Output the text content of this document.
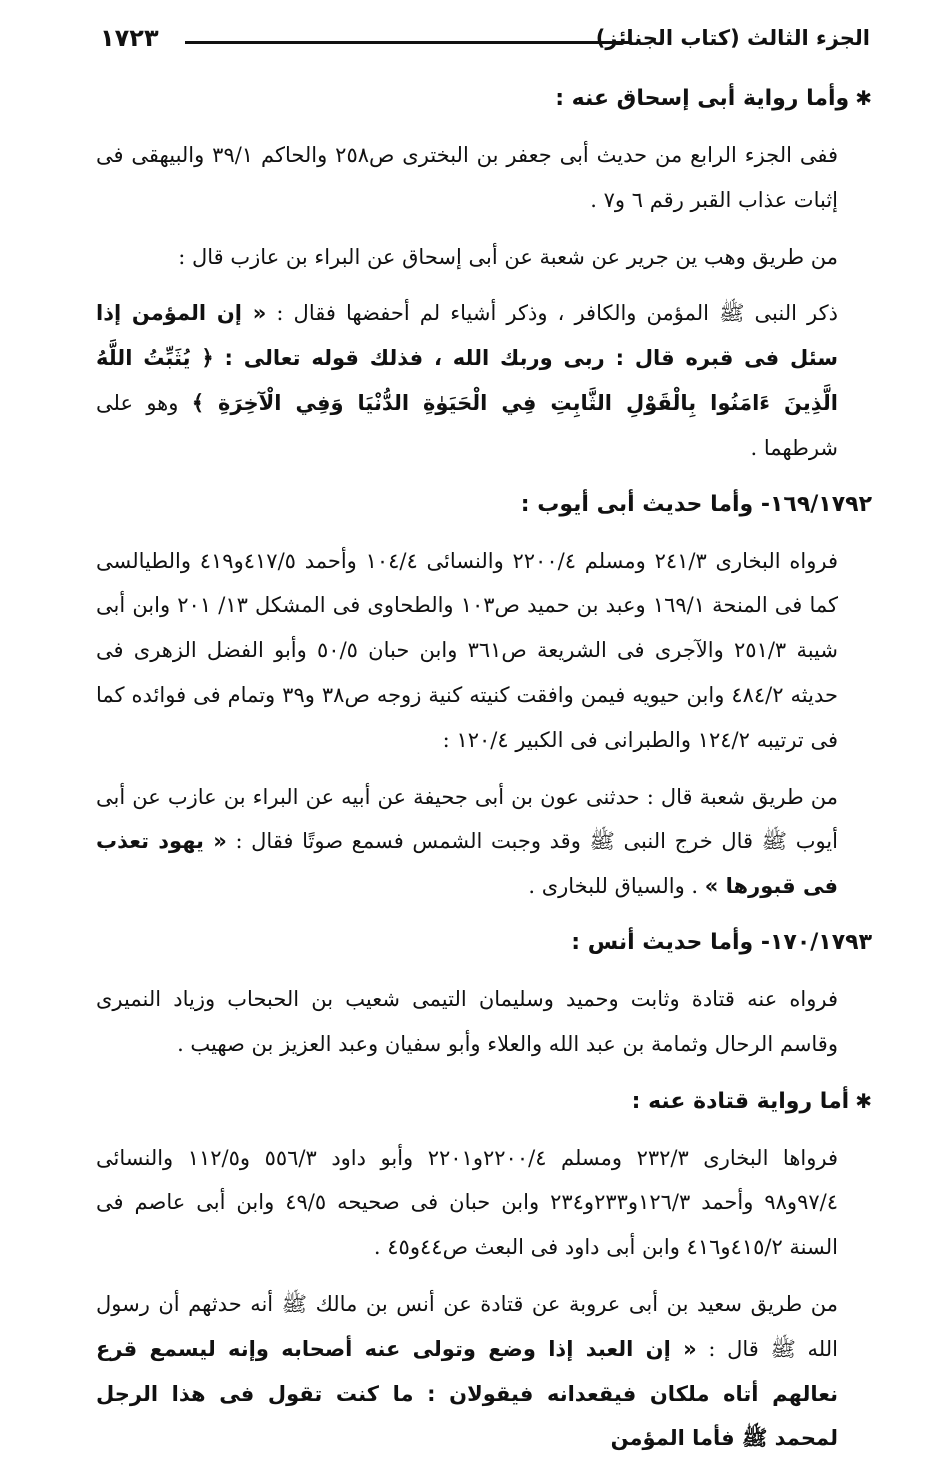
الجزء الثالث (كتاب الجنائز)
١٧٢٣
✱وأما رواية أبى إسحاق عنه :

ففى الجزء الرابع من حديث أبى جعفر بن البخترى ص٢٥٨ والحاكم ٣٩/١ والبيهقى فى إثبات عذاب القبر رقم ٦ و٧ .

من طريق وهب ين جرير عن شعبة عن أبى إسحاق عن البراء بن عازب قال :

ذكر النبى ﷺ المؤمن والكافر ، وذكر أشياء لم أحفضها فقال : « إن المؤمن إذا سئل فى قبره قال : ربى وربك الله ، فذلك قوله تعالى : ﴿ يُثَبِّتُ اللَّهُ الَّذِينَ ءَامَنُوا بِالْقَوْلِ الثَّابِتِ فِي الْحَيَوٰةِ الدُّنْيَا وَفِي الْآخِرَةِ ﴾ وهو على شرطهما .

١٦٩/١٧٩٢- وأما حديث أبى أيوب :

فرواه البخارى ٢٤١/٣ ومسلم ٢٢٠٠/٤ والنسائى ١٠٤/٤ وأحمد ٤١٧/٥و٤١٩ والطيالسى كما فى المنحة ١٦٩/١ وعبد بن حميد ص١٠٣ والطحاوى فى المشكل ١٣/ ٢٠١ وابن أبى شيبة ٢٥١/٣ والآجرى فى الشريعة ص٣٦١ وابن حبان ٥٠/٥ وأبو الفضل الزهرى فى حديثه ٤٨٤/٢ وابن حيويه فيمن وافقت كنيته كنية زوجه ص٣٨ و٣٩ وتمام فى فوائده كما فى ترتيبه ١٢٤/٢ والطبرانى فى الكبير ١٢٠/٤ :

من طريق شعبة قال : حدثنى عون بن أبى جحيفة عن أبيه عن البراء بن عازب عن أبى أيوب ﷺ قال خرج النبى ﷺ وقد وجبت الشمس فسمع صوتًا فقال : « يهود تعذب فى قبورها » . والسياق للبخارى .

١٧٠/١٧٩٣- وأما حديث أنس :

فرواه عنه قتادة وثابت وحميد وسليمان التيمى شعيب بن الحبحاب وزياد النميرى وقاسم الرحال وثمامة بن عبد الله والعلاء وأبو سفيان وعبد العزيز بن صهيب .

✱أما رواية قتادة عنه :

فرواها البخارى ٢٣٢/٣ ومسلم ٢٢٠٠/٤و٢٢٠١ وأبو داود ٥٥٦/٣ و١١٢/٥ والنسائى ٩٧/٤و٩٨ وأحمد ١٢٦/٣و٢٣٣و٢٣٤ وابن حبان فى صحيحه ٤٩/٥ وابن أبى عاصم فى السنة ٤١٥/٢و٤١٦ وابن أبى داود فى البعث ص٤٤و٤٥ .

من طريق سعيد بن أبى عروبة عن قتادة عن أنس بن مالك ﷺ أنه حدثهم أن رسول الله ﷺ قال : « إن العبد إذا وضع وتولى عنه أصحابه وإنه ليسمع قرع نعالهم أتاه ملكان فيقعدانه فيقولان : ما كنت تقول فى هذا الرجل لمحمد ﷺ فأما المؤمن
